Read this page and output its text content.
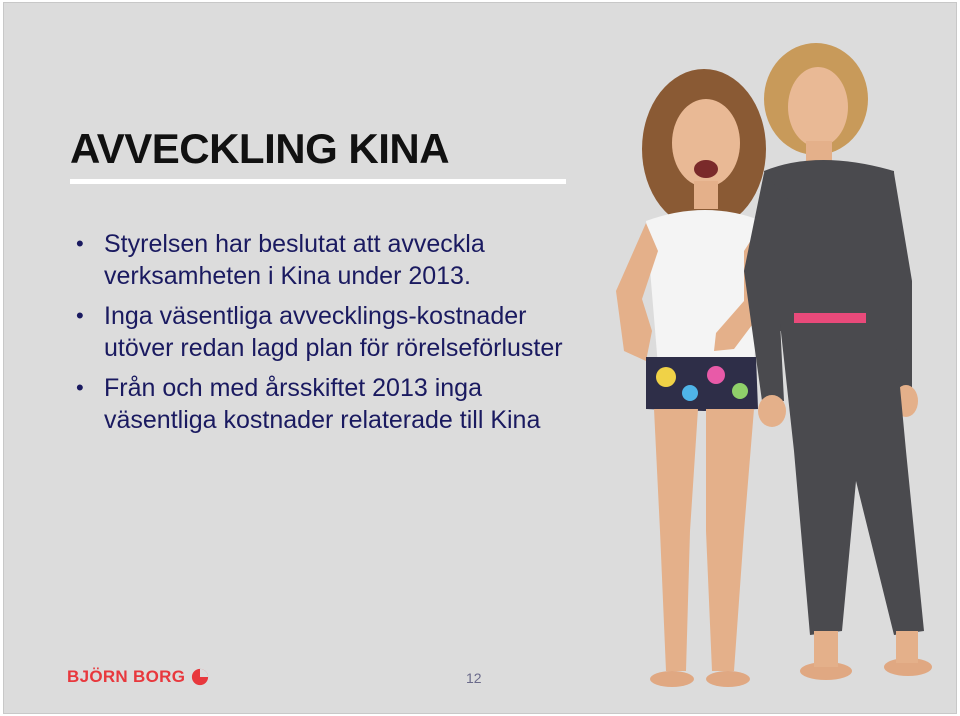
AVVECKLING KINA
• Styrelsen har beslutat att avveckla verksamheten i Kina under 2013.
• Inga väsentliga avvecklings-kostnader utöver redan lagd plan för rörelseförluster
• Från och med årsskiftet 2013 inga väsentliga kostnader relaterade till Kina
BJÖRN BORG	12
